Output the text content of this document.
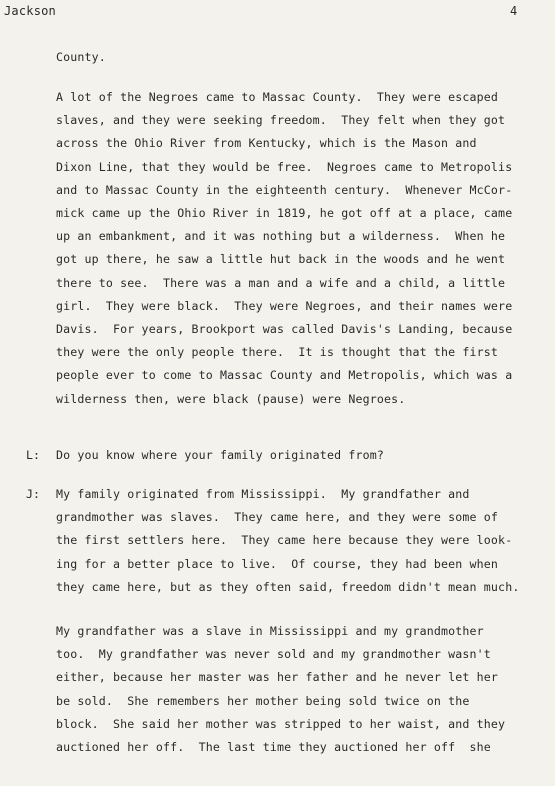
Jackson	4
County.
A lot of the Negroes came to Massac County.  They were escaped
slaves, and they were seeking freedom.  They felt when they got
across the Ohio River from Kentucky, which is the Mason and
Dixon Line, that they would be free.  Negroes came to Metropolis
and to Massac County in the eighteenth century.  Whenever McCor-
mick came up the Ohio River in 1819, he got off at a place, came
up an embankment, and it was nothing but a wilderness.  When he
got up there, he saw a little hut back in the woods and he went
there to see.  There was a man and a wife and a child, a little
girl.  They were black.  They were Negroes, and their names were
Davis.  For years, Brookport was called Davis's Landing, because
they were the only people there.  It is thought that the first
people ever to come to Massac County and Metropolis, which was a
wilderness then, were black (pause) were Negroes.
L: Do you know where your family originated from?
J: My family originated from Mississippi.  My grandfather and
grandmother was slaves.  They came here, and they were some of
the first settlers here.  They came here because they were look-
ing for a better place to live.  Of course, they had been when
they came here, but as they often said, freedom didn't mean much.
My grandfather was a slave in Mississippi and my grandmother
too.  My grandfather was never sold and my grandmother wasn't
either, because her master was her father and he never let her
be sold.  She remembers her mother being sold twice on the
block.  She said her mother was stripped to her waist, and they
auctioned her off.  The last time they auctioned her off  she
